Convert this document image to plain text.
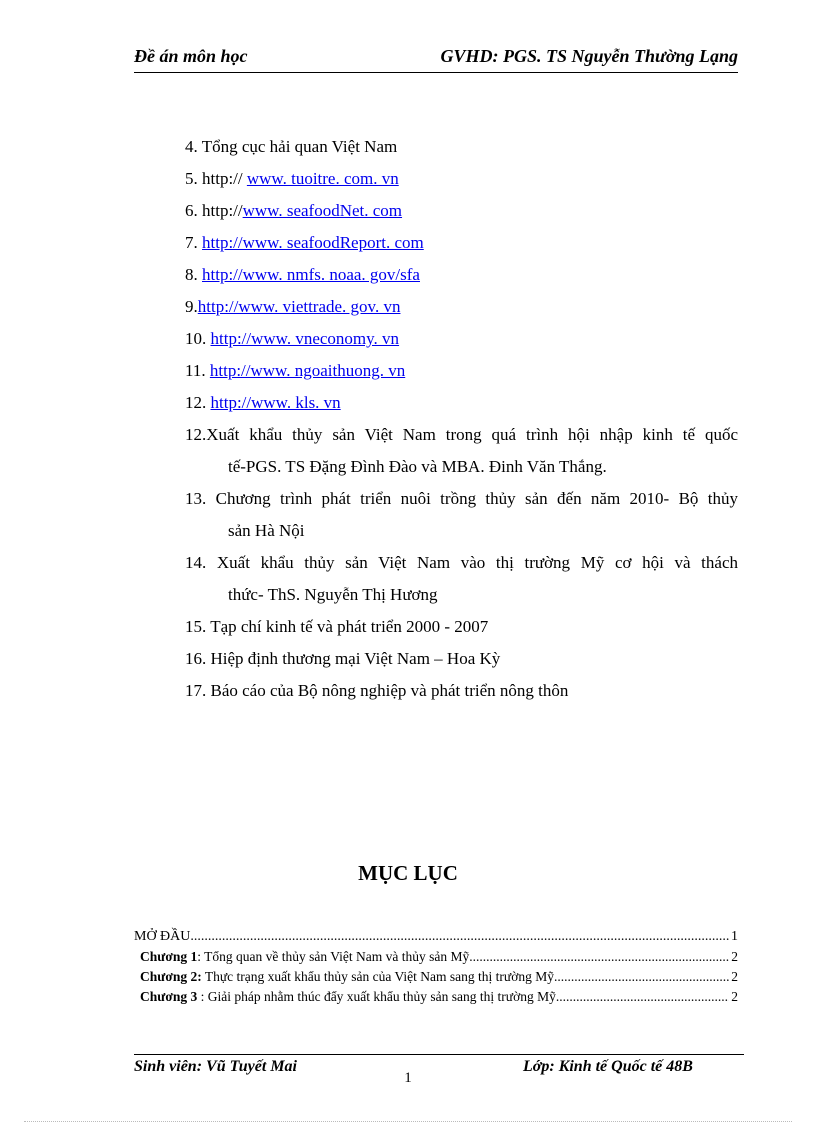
Đề án môn học	GVHD: PGS. TS Nguyễn Thường Lạng
4. Tổng cục hải quan Việt Nam
5. http:// www. tuoitre. com. vn
6. http://www. seafoodNet. com
7. http://www. seafoodReport. com
8. http://www. nmfs. noaa. gov/sfa
9.http://www. viettrade. gov. vn
10. http://www. vneconomy. vn
11. http://www. ngoaithuong. vn
12. http://www. kls. vn
12.Xuất khẩu thủy sản Việt Nam trong quá trình hội nhập kinh tế quốc
tế-PGS. TS Đặng Đình Đào và MBA. Đinh Văn Thắng.
13. Chương trình phát triển nuôi trồng thủy sản đến năm 2010- Bộ thủy
sản Hà Nội
14. Xuất khẩu thủy sản Việt Nam vào thị trường Mỹ cơ hội và thách
thức- ThS. Nguyễn Thị Hương
15. Tạp chí kinh tế và phát triển 2000 - 2007
16. Hiệp định thương mại Việt Nam – Hoa Kỳ
17. Báo cáo của Bộ nông nghiệp và phát triển nông thôn
MỤC LỤC
MỞ ĐẦU .....	1
Chương 1: Tổng quan về thủy sản Việt Nam và thủy sản Mỹ .....	2
Chương 2: Thực trạng xuất khẩu thủy sản của Việt Nam sang thị trường Mỹ .....	2
Chương 3 : Giải pháp nhằm thúc đẩy xuất khẩu thủy sản sang thị trường Mỹ. .....	2
Sinh viên: Vũ Tuyết Mai	Lớp: Kinh tế Quốc tế 48B
1
